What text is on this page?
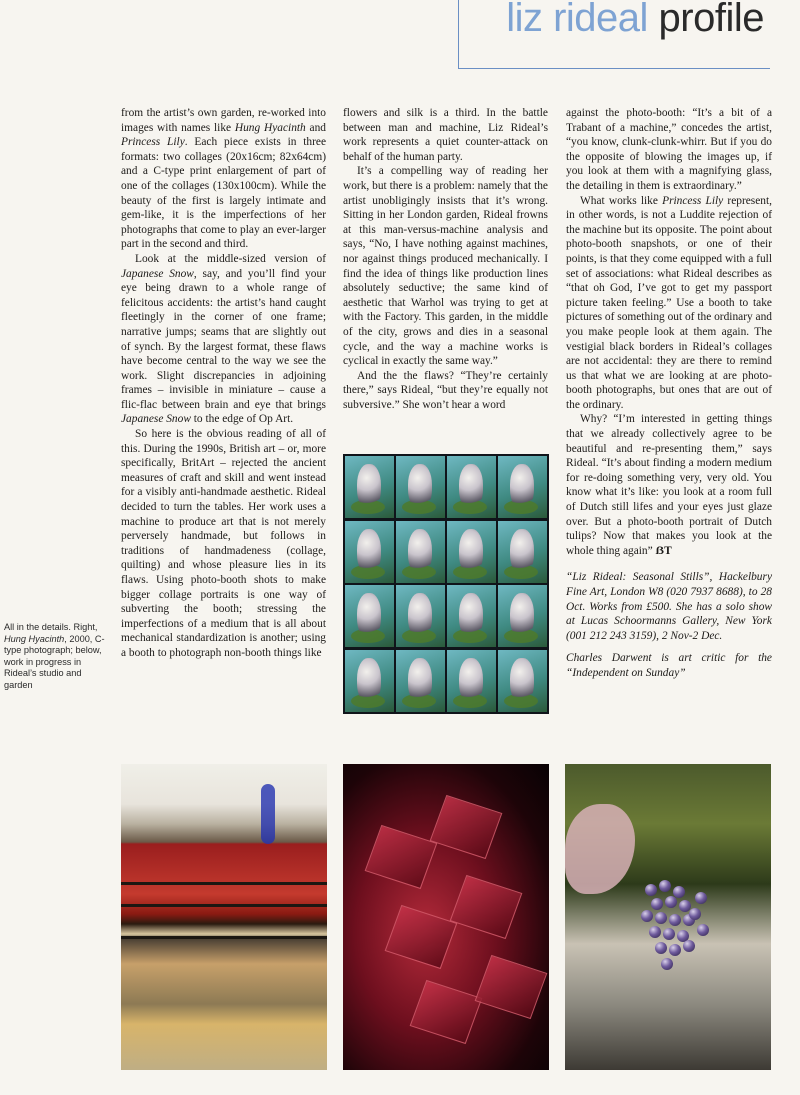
liz rideal profile

from the artist’s own garden, re-worked into images with names like Hung Hyacinth and Princess Lily. Each piece exists in three formats: two collages (20x16cm; 82x64cm) and a C-type print enlargement of part of one of the collages (130x100cm). While the beauty of the first is largely intimate and gem-like, it is the imperfections of her photographs that come to play an ever-larger part in the second and third.

Look at the middle-sized version of Japanese Snow, say, and you’ll find your eye being drawn to a whole range of felicitous accidents: the artist’s hand caught fleetingly in the corner of one frame; narrative jumps; seams that are slightly out of synch. By the largest format, these flaws have become central to the way we see the work. Slight discrepancies in adjoining frames – invisible in miniature – cause a flic-flac between brain and eye that brings Japanese Snow to the edge of Op Art.

So here is the obvious reading of all of this. During the 1990s, British art – or, more specifically, BritArt – rejected the ancient measures of craft and skill and went instead for a visibly anti-handmade aesthetic. Rideal decided to turn the tables. Her work uses a machine to produce art that is not merely perversely handmade, but follows in traditions of handmadeness (collage, quilting) and whose pleasure lies in its flaws. Using photo-booth shots to make bigger collage portraits is one way of subverting the booth; stressing the imperfections of a medium that is all about mechanical standardization is another; using a booth to photograph non-booth things like

flowers and silk is a third. In the battle between man and machine, Liz Rideal’s work represents a quiet counter-attack on behalf of the human party.

It’s a compelling way of reading her work, but there is a problem: namely that the artist unobligingly insists that it’s wrong. Sitting in her London garden, Rideal frowns at this man-versus-machine analysis and says, “No, I have nothing against machines, nor against things produced mechanically. I find the idea of things like production lines absolutely seductive; the same kind of aesthetic that Warhol was trying to get at with the Factory. This garden, in the middle of the city, grows and dies in a seasonal cycle, and the way a machine works is cyclical in exactly the same way.”

And the the flaws? “They’re certainly there,” says Rideal, “but they’re equally not subversive.” She won’t hear a word

against the photo-booth: “It’s a bit of a Trabant of a machine,” concedes the artist, “you know, clunk-clunk-whirr. But if you do the opposite of blowing the images up, if you look at them with a magnifying glass, the detailing in them is extraordinary.”

What works like Princess Lily represent, in other words, is not a Luddite rejection of the machine but its opposite. The point about photo-booth snapshots, or one of their points, is that they come equipped with a full set of associations: what Rideal describes as “that oh God, I’ve got to get my passport picture taken feeling.” Use a booth to take pictures of something out of the ordinary and you make people look at them again. The vestigial black borders in Rideal’s collages are not accidental: they are there to remind us that what we are looking at are photo-booth photographs, but ones that are out of the ordinary.

Why? “I’m interested in getting things that we already collectively agree to be beautiful and re-presenting them,” says Rideal. “It’s about finding a modern medium for re-doing something very, very old. You know what it’s like: you look at a room full of Dutch still lifes and your eyes just glaze over. But a photo-booth portrait of Dutch tulips? Now that makes you look at the whole thing again” ẞT

“Liz Rideal: Seasonal Stills”, Hackelbury Fine Art, London W8 (020 7937 8688), to 28 Oct. Works from £500. She has a solo show at Lucas Schoormanns Gallery, New York (001 212 243 3159), 2 Nov-2 Dec.

Charles Darwent is art critic for the “Independent on Sunday”

All in the details. Right, Hung Hyacinth, 2000, C-type photograph; below, work in progress in Rideal’s studio and garden
